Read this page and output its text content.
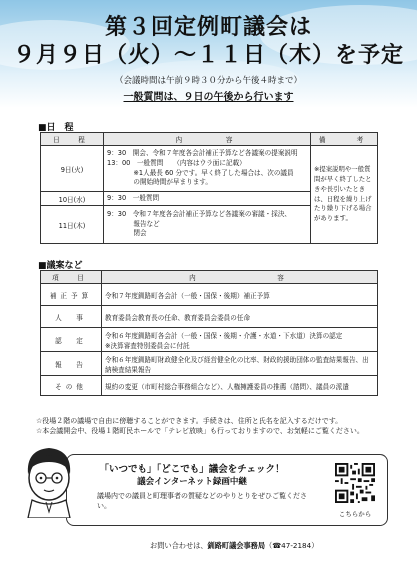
第３回定例町議会は
９月９日（火）～１１日（木）を予定
（会議時間は午前９時３０分から午後４時まで）
一般質問は、９日の午後から行います
■日　程
日　程	内　　　容	備　　考
9日(火)	9：30　開会、令和７年度各会計補正予算など各議案の提案説明
13：00　一般質問　　（内容はウラ面に記載）
　　　　※1人最長 60 分です。早く終了した場合は、次の議員
　　　　の開始時間が早まります。	※提案説明や一般質問が早く終了したときや長引いたときは、日程を繰り上げたり繰り下げる場合があります。
10日(水)	9：30　一般質問	

11日(木)	9：30　令和７年度各会計補正予算など各議案の審議・採決、
　　　　報告など
　　　　閉会	
■議案など
項　目	内　　　　　　容
補正予算	令和７年度釧路町各会計（一般・国保・後期）補正予算
人　事	教育委員会教育長の任命、教育委員会委員の任命
認　定	令和６年度釧路町各会計（一般・国保・後期・介護・水道・下水道）決算の認定
※決算審査特別委員会に付託
報　告	令和６年度釧路町財政健全化及び経営健全化の比率、財政的援助団体の監査結果報告、出納検査結果報告
その他	規約の変更（市町村総合事務組合など）、人権擁護委員の推薦（諮問）、議員の派遣
☆役場２階の議場で自由に傍聴することができます。手続きは、住所と氏名を記入するだけです。
☆本会議開会中、役場１階町民ホールで「テレビ放映」も行っておりますので、お気軽にご覧ください。
「いつでも」「どこでも」議会をチェック！
議会インターネット録画中継
議場内での議員と町理事者の質疑などのやりとりをぜひご覧ください。
こちらから
お問い合わせは、釧路町議会事務局（☎47-2184）
